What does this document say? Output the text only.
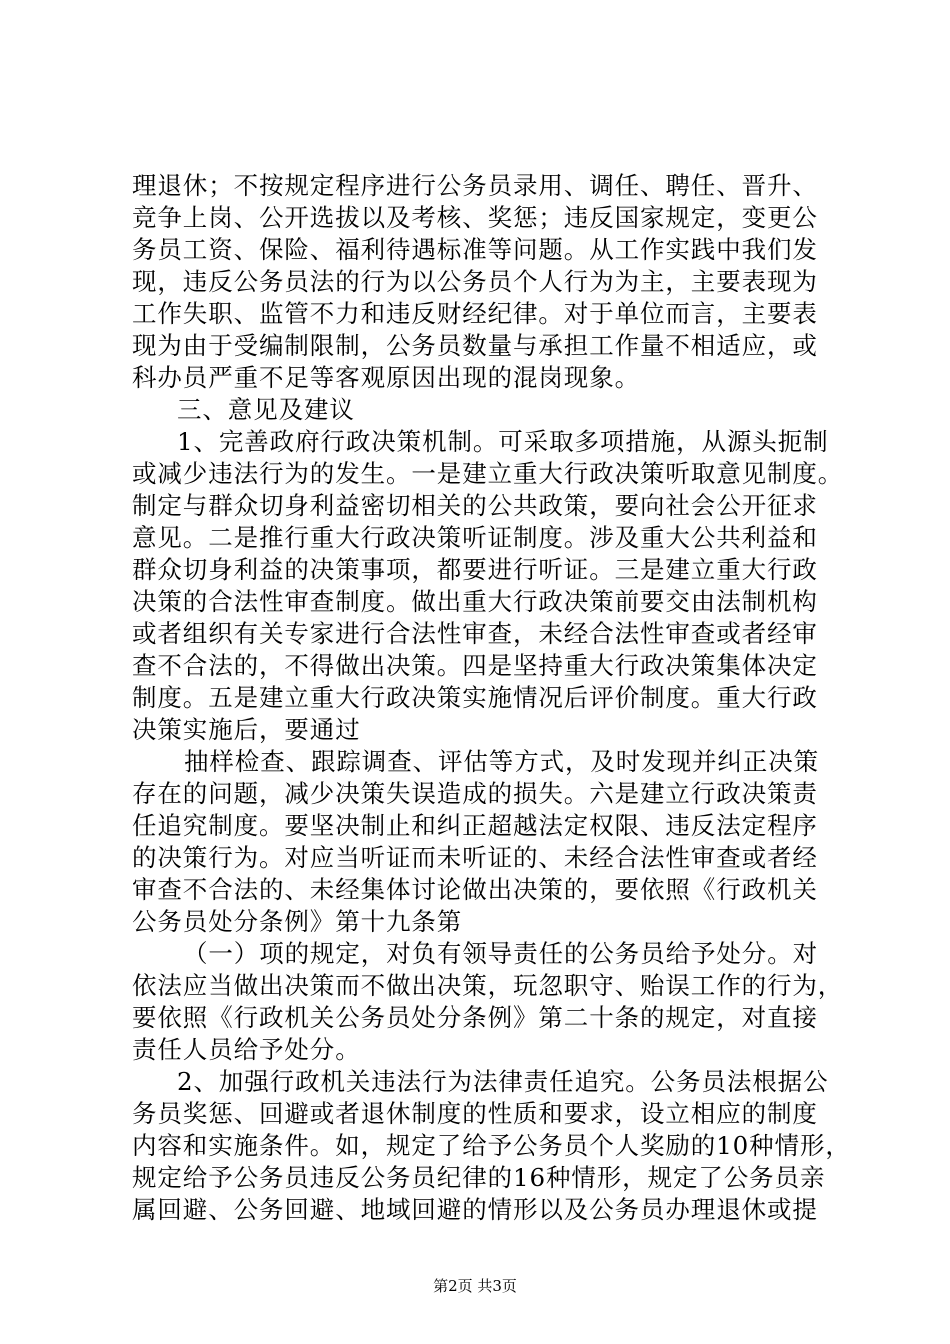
理退休；不按规定程序进行公务员录用、调任、聘任、晋升、
竞争上岗、公开选拔以及考核、奖惩；违反国家规定，变更公
务员工资、保险、福利待遇标准等问题。从工作实践中我们发
现，违反公务员法的行为以公务员个人行为为主，主要表现为
工作失职、监管不力和违反财经纪律。对于单位而言，主要表
现为由于受编制限制，公务员数量与承担工作量不相适应，或
科办员严重不足等客观原因出现的混岗现象。
三、意见及建议
1、完善政府行政决策机制。可采取多项措施，从源头扼制
或减少违法行为的发生。一是建立重大行政决策听取意见制度。
制定与群众切身利益密切相关的公共政策，要向社会公开征求
意见。二是推行重大行政决策听证制度。涉及重大公共利益和
群众切身利益的决策事项，都要进行听证。三是建立重大行政
决策的合法性审查制度。做出重大行政决策前要交由法制机构
或者组织有关专家进行合法性审查，未经合法性审查或者经审
查不合法的，不得做出决策。四是坚持重大行政决策集体决定
制度。五是建立重大行政决策实施情况后评价制度。重大行政
决策实施后，要通过
抽样检查、跟踪调查、评估等方式，及时发现并纠正决策
存在的问题，减少决策失误造成的损失。六是建立行政决策责
任追究制度。要坚决制止和纠正超越法定权限、违反法定程序
的决策行为。对应当听证而未听证的、未经合法性审查或者经
审查不合法的、未经集体讨论做出决策的，要依照《行政机关
公务员处分条例》第十九条第
（一）项的规定，对负有领导责任的公务员给予处分。对
依法应当做出决策而不做出决策，玩忽职守、贻误工作的行为，
要依照《行政机关公务员处分条例》第二十条的规定，对直接
责任人员给予处分。
2、加强行政机关违法行为法律责任追究。公务员法根据公
务员奖惩、回避或者退休制度的性质和要求，设立相应的制度
内容和实施条件。如，规定了给予公务员个人奖励的10种情形，
规定给予公务员违反公务员纪律的16种情形，规定了公务员亲
属回避、公务回避、地域回避的情形以及公务员办理退休或提
第2页 共3页
